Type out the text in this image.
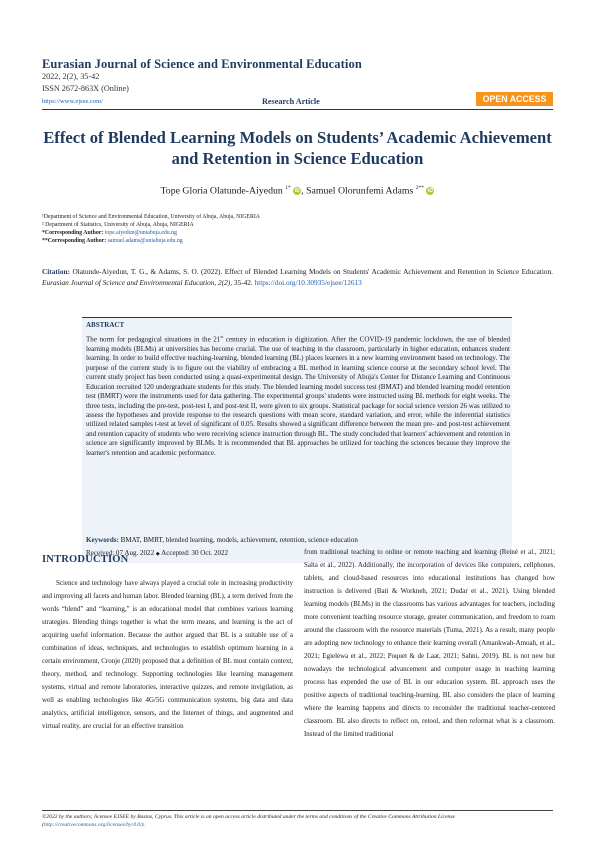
Eurasian Journal of Science and Environmental Education
2022, 2(2), 35-42
ISSN 2672-863X (Online)
https://www.ejsee.com/	Research Article	OPEN ACCESS
Effect of Blended Learning Models on Students’ Academic Achievement and Retention in Science Education
Tope Gloria Olatunde-Aiyedun $^{1*}$ iD , Samuel Olorunfemi Adams $^{2**}$ iD
¹Department of Science and Environmental Education, University of Abuja, Abuja, NIGERIA
² Department of Statistics, University of Abuja, Abuja, NIGERIA
*Corresponding Author: tope.aiyedun@uniabuja.edu.ng
**Corresponding Author: samuel.adams@uniabuja.edu.ng
Citation: Olatunde-Aiyedun, T. G., & Adams, S. O. (2022). Effect of Blended Learning Models on Students' Academic Achievement and Retention in Science Education. Eurasian Journal of Science and Environmental Education, 2(2), 35-42. https://doi.org/10.30935/ejsee/12613
ABSTRACT
The norm for pedagogical situations in the 21st century in education is digitization. After the COVID-19 pandemic lockdown, the use of blended learning models (BLMs) at universities has become crucial. The use of teaching in the classroom, particularly in higher education, enhances student learning. In order to build effective teaching-learning, blended learning (BL) places learners in a new learning environment based on technology. The purpose of the current study is to figure out the viability of embracing a BL method in learning science course at the secondary school level. The current study project has been conducted using a quasi-experimental design. The University of Abuja's Center for Distance Learning and Continuous Education recruited 120 undergraduate students for this study. The blended learning model success test (BMAT) and blended learning model retention test (BMRT) were the instruments used for data gathering. The experimental groups' students were instructed using BL methods for eight weeks. The three tests, including the pre-test, post-test I, and post-test II, were given to six groups. Statistical package for social science version 26 was utilized to assess the hypotheses and provide response to the research questions with mean score, standard variation, and error, while the inferential statistics utilized related samples t-test at level of significant of 0.05. Results showed a significant difference between the mean pre- and post-test achievement and retention capacity of students who were receiving science instruction through BL. The study concluded that learners' achievement and retention in science are significantly improved by BLMs. It is recommended that BL approaches be utilized for teaching the sciences because they improve the learner's retention and academic performance.
Keywords: BMAT, BMRT, blended learning, models, achievement, retention, science education
Received: 07 Aug. 2022 ◆ Accepted: 30 Oct. 2022
INTRODUCTION
Science and technology have always played a crucial role in increasing productivity and improving all facets and human labor. Blended learning (BL), a term derived from the words “blend” and “learning,” is an educational model that combines various learning strategies. Blending things together is what the term means, and learning is the act of acquiring useful information. Because the author argued that BL is a suitable use of a combination of ideas, techniques, and technologies to establish optimum learning in a certain environment, Cronje (2020) proposed that a definition of BL must contain context, theory, method, and technology. Supporting technologies like learning management systems, virtual and remote laboratories, interactive quizzes, and remote invigilation, as well as enabling technologies like 4G/5G communication systems, big data and data analytics, artificial intelligence, sensors, and the Internet of things, and augmented and virtual reality, are crucial for an effective transition
from traditional teaching to online or remote teaching and learning (Reiné et al., 2021; Salta et al., 2022). Additionally, the incorporation of devices like computers, cellphones, tablets, and cloud-based resources into educational institutions has changed how instruction is delivered (Bati & Workneh, 2021; Dudar et al., 2021). Using blended learning models (BLMs) in the classrooms has various advantages for teachers, including more convenient teaching resource storage, greater communication, and freedom to roam around the classroom with the resource materials (Tuma, 2021). As a result, many people are adopting new technology to enhance their learning overall (Amankwah-Amoah, et al., 2021; Egielewa et al., 2022; Poquet & de Laat, 2021; Sahni, 2019). BL is not new but nowadays the technological advancement and computer usage in teaching learning process has expended the use of BL in our education system. BL approach uses the positive aspects of traditional teaching-learning. BL also considers the place of learning where the learning happens and directs to reconsider the traditional teacher-centered classroom. BL also directs to reflect on, retool, and then reformat what is a classroom. Instead of the limited traditional
©2022 by the authors; licensee EJSEE by Bastas, Cyprus. This article is an open access article distributed under the terms and conditions of the Creative Commons Attribution License (http://creativecommons.org/licenses/by/4.0/).
